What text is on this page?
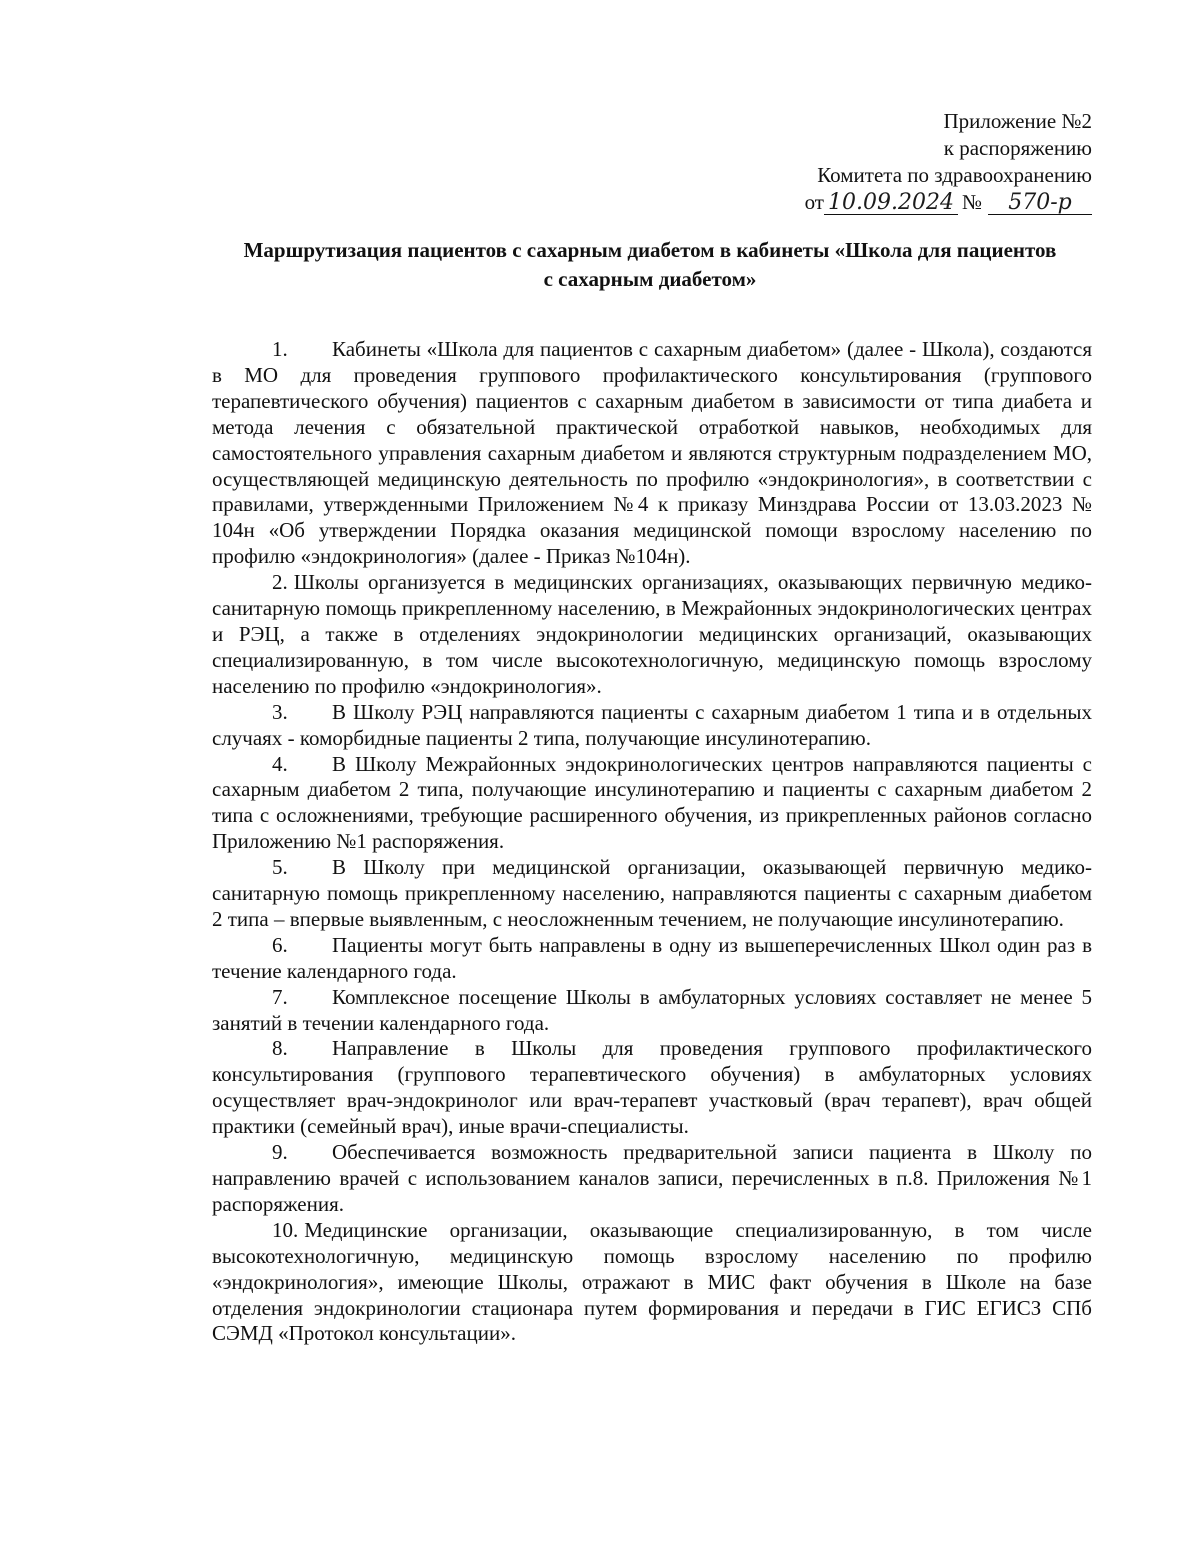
Приложение №2
к распоряжению
Комитета по здравоохранению
от 10.09.2024 №	570-р
Маршрутизация пациентов с сахарным диабетом в кабинеты «Школа для пациентов
с сахарным диабетом»

1. Кабинеты «Школа для пациентов с сахарным диабетом» (далее - Школа), создаются в МО для проведения группового профилактического консультирования (группового терапевтического обучения) пациентов с сахарным диабетом в зависимости от типа диабета и метода лечения с обязательной практической отработкой навыков, необходимых для самостоятельного управления сахарным диабетом и являются структурным подразделением МО, осуществляющей медицинскую деятельность по профилю «эндокринология», в соответствии с правилами, утвержденными Приложением №4 к приказу Минздрава России от 13.03.2023 № 104н «Об утверждении Порядка оказания медицинской помощи взрослому населению по профилю «эндокринология» (далее - Приказ №104н).

2. Школы организуется в медицинских организациях, оказывающих первичную медико-санитарную помощь прикрепленному населению, в Межрайонных эндокринологических центрах и РЭЦ, а также в отделениях эндокринологии медицинских организаций, оказывающих специализированную, в том числе высокотехнологичную, медицинскую помощь взрослому населению по профилю «эндокринология».

3. В Школу РЭЦ направляются пациенты с сахарным диабетом 1 типа и в отдельных случаях - коморбидные пациенты 2 типа, получающие инсулинотерапию.

4. В Школу Межрайонных эндокринологических центров направляются пациенты с сахарным диабетом 2 типа, получающие инсулинотерапию и пациенты с сахарным диабетом 2 типа с осложнениями, требующие расширенного обучения, из прикрепленных районов согласно Приложению №1 распоряжения.

5. В Школу при медицинской организации, оказывающей первичную медико-санитарную помощь прикрепленному населению, направляются пациенты с сахарным диабетом 2 типа – впервые выявленным, с неосложненным течением, не получающие инсулинотерапию.

6. Пациенты могут быть направлены в одну из вышеперечисленных Школ один раз в течение календарного года.

7. Комплексное посещение Школы в амбулаторных условиях составляет не менее 5 занятий в течении календарного года.

8. Направление в Школы для проведения группового профилактического консультирования (группового терапевтического обучения) в амбулаторных условиях осуществляет врач-эндокринолог или врач-терапевт участковый (врач терапевт), врач общей практики (семейный врач), иные врачи-специалисты.

9. Обеспечивается возможность предварительной записи пациента в Школу по направлению врачей с использованием каналов записи, перечисленных в п.8. Приложения №1 распоряжения.

10. Медицинские организации, оказывающие специализированную, в том числе высокотехнологичную, медицинскую помощь взрослому населению по профилю «эндокринология», имеющие Школы, отражают в МИС факт обучения в Школе на базе отделения эндокринологии стационара путем формирования и передачи в ГИС ЕГИСЗ СПб СЭМД «Протокол консультации».
